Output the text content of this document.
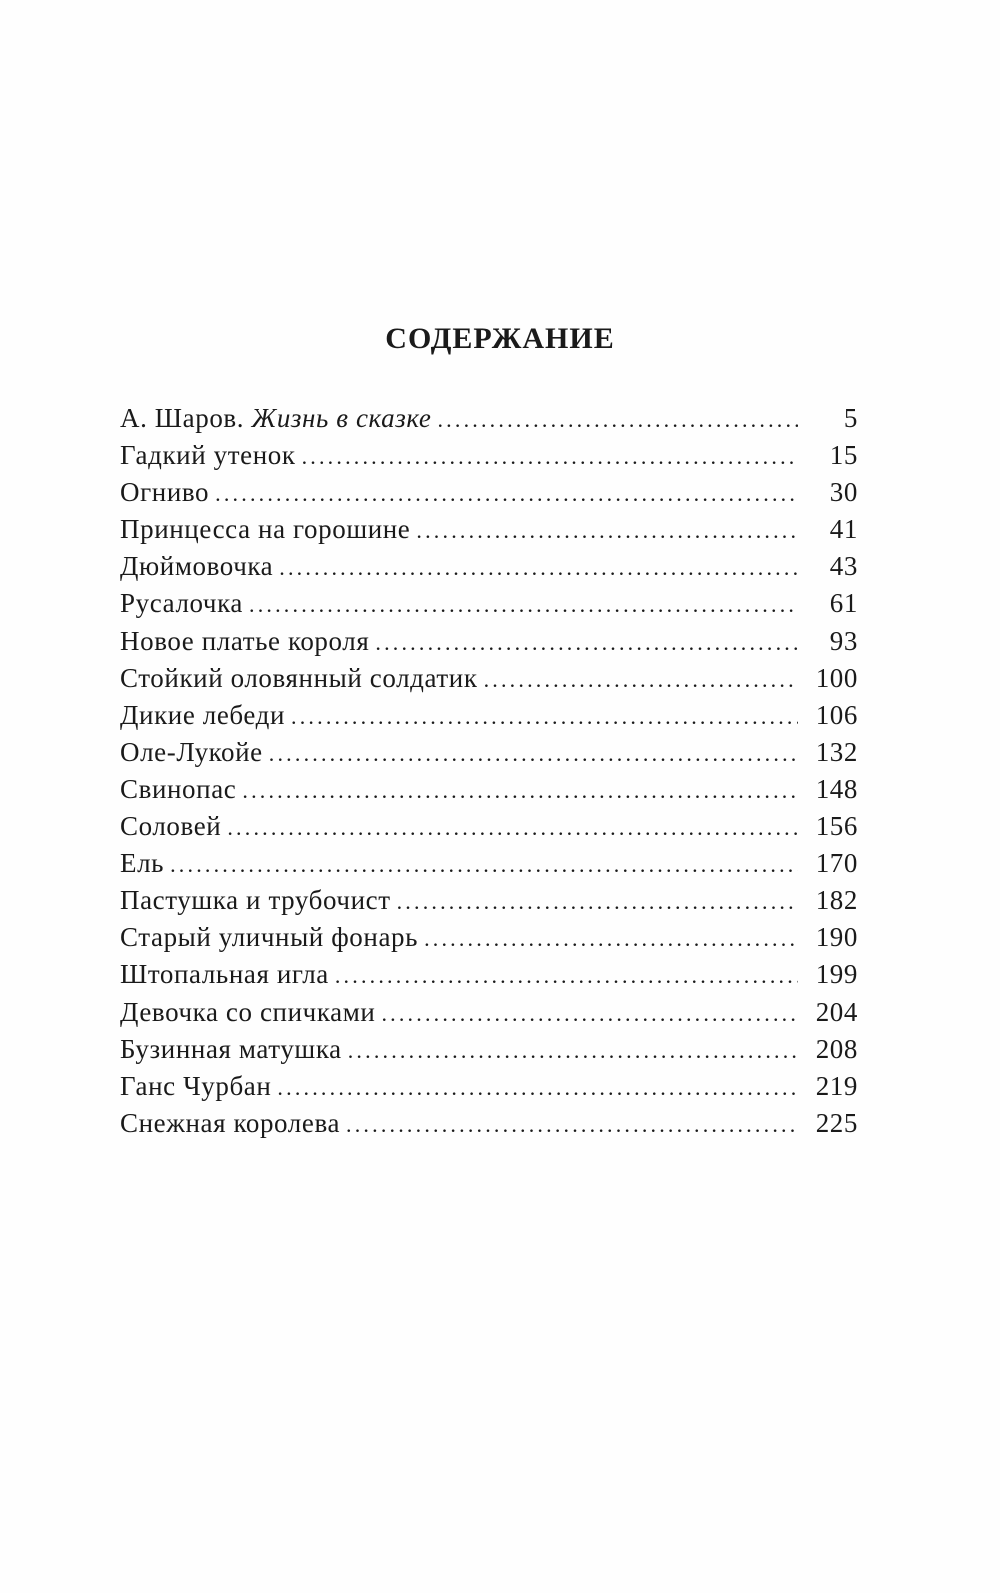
СОДЕРЖАНИЕ
А. Шаров. Жизнь в сказке .....	5
Гадкий утенок .....	15
Огниво .....	30
Принцесса на горошине .....	41
Дюймовочка .....	43
Русалочка .....	61
Новое платье короля .....	93
Стойкий оловянный солдатик .....	100
Дикие лебеди .....	106
Оле-Лукойе .....	132
Свинопас .....	148
Соловей .....	156
Ель .....	170
Пастушка и трубочист .....	182
Старый уличный фонарь .....	190
Штопальная игла .....	199
Девочка со спичками .....	204
Бузинная матушка .....	208
Ганс Чурбан .....	219
Снежная королева .....	225
